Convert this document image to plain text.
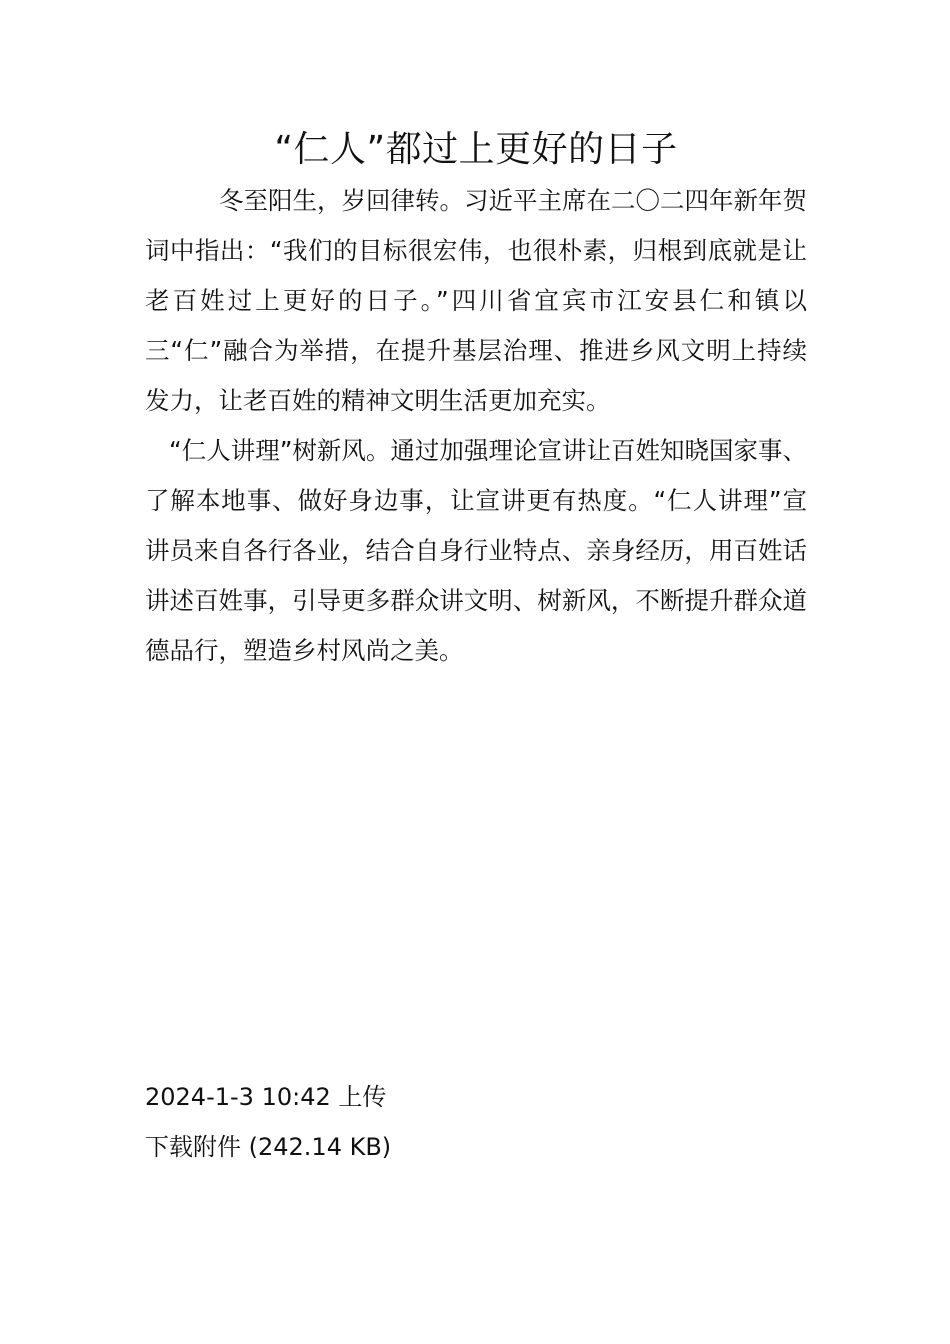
“仁人”都过上更好的日子

冬至阳生，岁回律转。习近平主席在二〇二四年新年贺词中指出：“我们的目标很宏伟，也很朴素，归根到底就是让老百姓过上更好的日子。”四川省宜宾市江安县仁和镇以三“仁”融合为举措，在提升基层治理、推进乡风文明上持续发力，让老百姓的精神文明生活更加充实。

“仁人讲理”树新风。通过加强理论宣讲让百姓知晓国家事、了解本地事、做好身边事，让宣讲更有热度。“仁人讲理”宣讲员来自各行各业，结合自身行业特点、亲身经历，用百姓话讲述百姓事，引导更多群众讲文明、树新风，不断提升群众道德品行，塑造乡村风尚之美。

2024-1-3 10:42 上传

下载附件 (242.14 KB)
